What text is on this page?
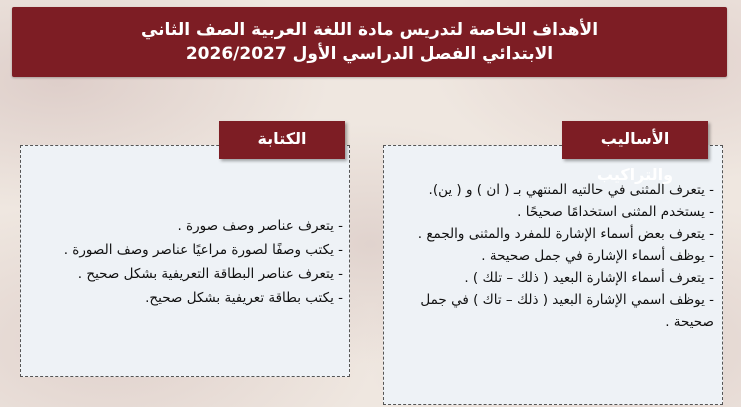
الأهداف الخاصة لتدريس مادة اللغة العربية الصف الثاني الابتدائي الفصل الدراسي الأول 2026/2027
- يتعرف عناصر وصف صورة .
- يكتب وصفًا لصورة مراعيًا عناصر وصف الصورة .
- يتعرف عناصر البطاقة التعريفية بشكل صحيح .
- يكتب بطاقة تعريفية بشكل صحيح.
الكتابة
- يتعرف المثنى في حالتيه المنتهي بـ ( ان ) و ( ين).
- يستخدم المثنى استخدامًا صحيحًا .
- يتعرف بعض أسماء الإشارة للمفرد والمثنى والجمع .
- يوظف أسماء الإشارة في جمل صحيحة .
- يتعرف أسماء الإشارة البعيد ( ذلك – تلك ) .
- يوظف اسمي الإشارة البعيد ( ذلك – تاك ) في جمل صحيحة .
الأساليب والتراكيب
